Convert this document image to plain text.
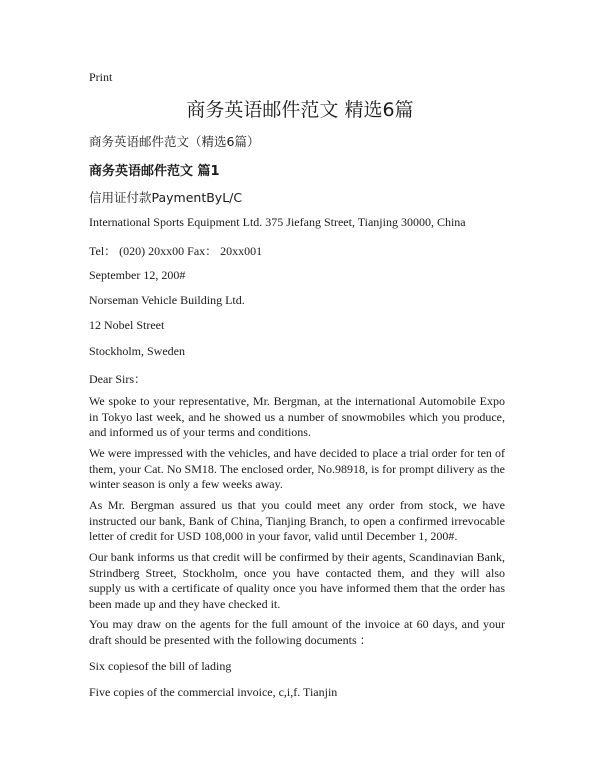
Print
商务英语邮件范文 精选6篇
商务英语邮件范文（精选6篇）
商务英语邮件范文 篇1
信用证付款PaymentByL/C
International Sports Equipment Ltd. 375 Jiefang Street, Tianjing 30000, China
Tel： (020) 20xx00 Fax： 20xx001
September 12, 200#
Norseman Vehicle Building Ltd.
12 Nobel Street
Stockholm, Sweden
Dear Sirs：
We spoke to your representative, Mr. Bergman, at the international Automobile Expo in Tokyo last week, and he showed us a number of snowmobiles which you produce, and informed us of your terms and conditions.
We were impressed with the vehicles, and have decided to place a trial order for ten of them, your Cat. No SM18. The enclosed order, No.98918, is for prompt dilivery as the winter season is only a few weeks away.
As Mr. Bergman assured us that you could meet any order from stock, we have instructed our bank, Bank of China, Tianjing Branch, to open a confirmed irrevocable letter of credit for USD 108,000 in your favor, valid until December 1, 200#.
Our bank informs us that credit will be confirmed by their agents, Scandinavian Bank, Strindberg Street, Stockholm, once you have contacted them, and they will also supply us with a certificate of quality once you have informed them that the order has been made up and they have checked it.
You may draw on the agents for the full amount of the invoice at 60 days, and your draft should be presented with the following documents ：
Six copiesof the bill of lading
Five copies of the commercial invoice, c,i,f. Tianjin
